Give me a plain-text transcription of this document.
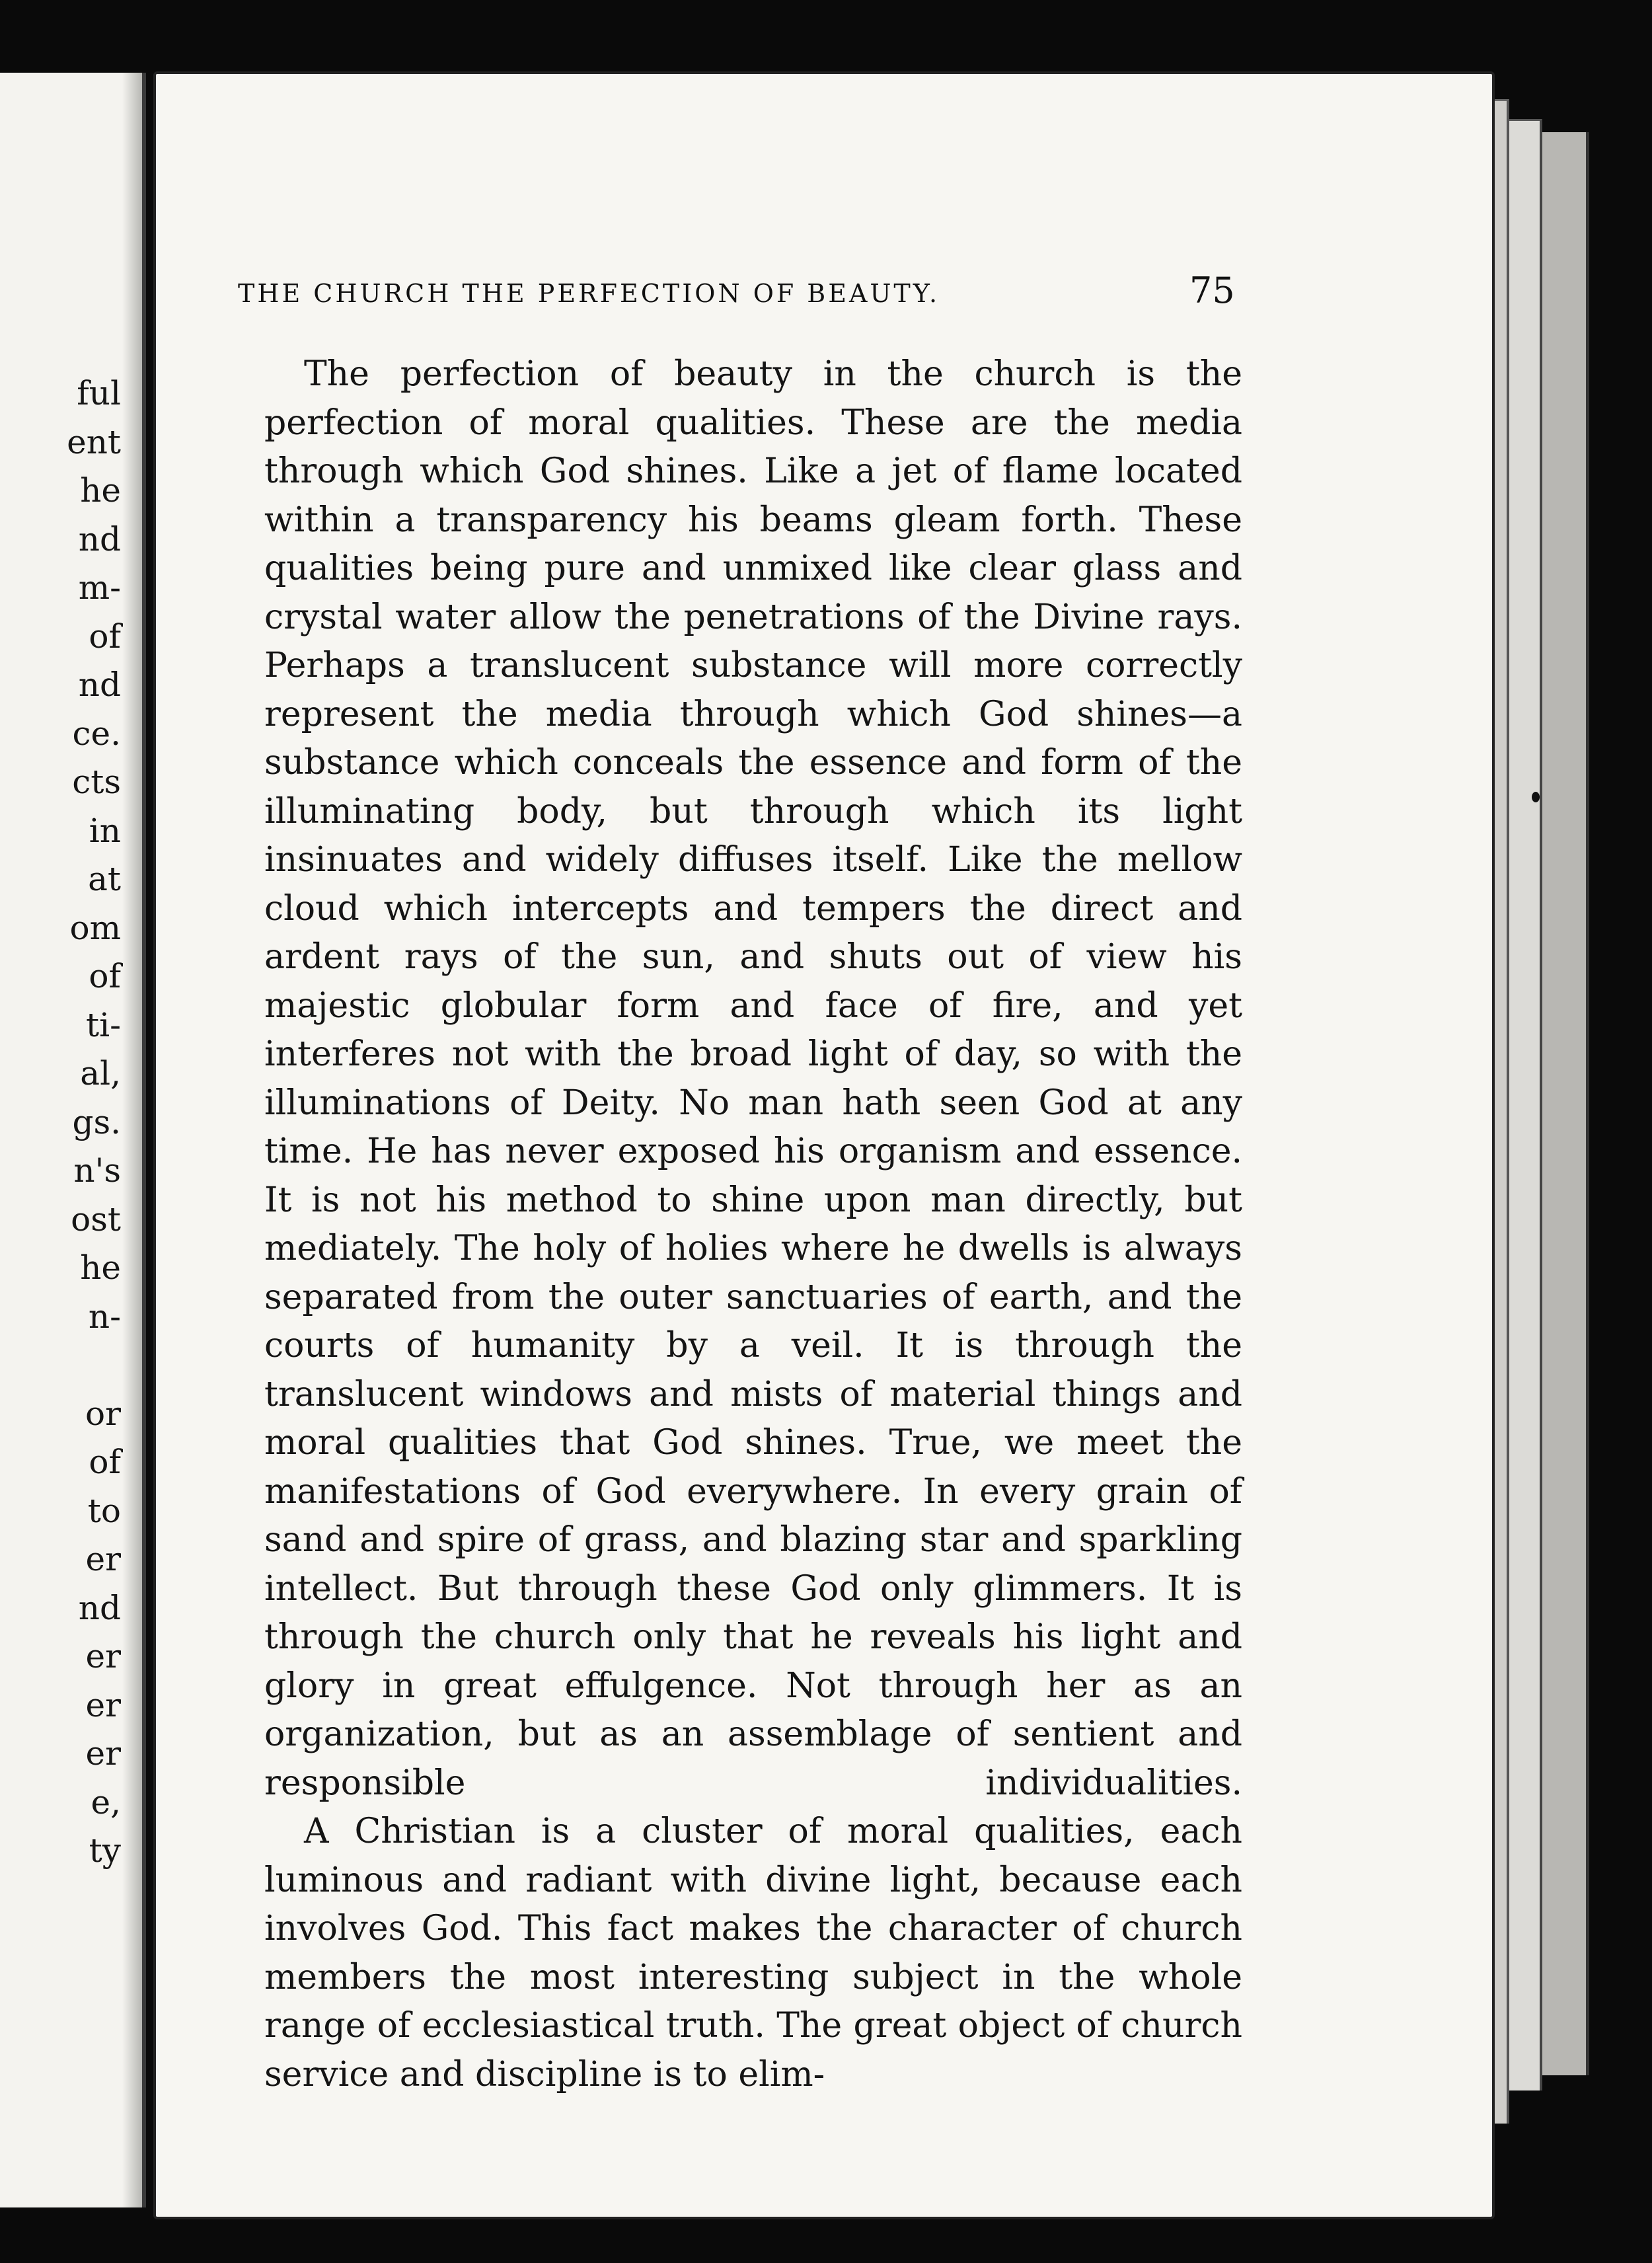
ful
ent
he
nd
m-
of
nd
ce.
cts
in
at
om
of
ti-
al,
gs.
n's
ost
he
n-
or
of
to
er
nd
er
er
er
e,
ty
THE CHURCH THE PERFECTION OF BEAUTY.	75

The perfection of beauty in the church is the perfection of moral qualities. These are the media through which God shines. Like a jet of flame located within a transparency his beams gleam forth. These qualities being pure and unmixed like clear glass and crystal water allow the penetrations of the Divine rays. Perhaps a translucent substance will more correctly represent the media through which God shines—a substance which conceals the essence and form of the illuminating body, but through which its light insinuates and widely diffuses itself. Like the mellow cloud which intercepts and tempers the direct and ardent rays of the sun, and shuts out of view his majestic globular form and face of fire, and yet interferes not with the broad light of day, so with the illuminations of Deity. No man hath seen God at any time. He has never exposed his organism and essence. It is not his method to shine upon man directly, but mediately. The holy of holies where he dwells is always separated from the outer sanctuaries of earth, and the courts of humanity by a veil. It is through the translucent windows and mists of material things and moral qualities that God shines. True, we meet the manifestations of God everywhere. In every grain of sand and spire of grass, and blazing star and sparkling intellect. But through these God only glimmers. It is through the church only that he reveals his light and glory in great effulgence. Not through her as an organization, but as an assemblage of sentient and responsible individualities.

A Christian is a cluster of moral qualities, each luminous and radiant with divine light, because each involves God. This fact makes the character of church members the most interesting subject in the whole range of ecclesiastical truth. The great object of church service and discipline is to elim-
